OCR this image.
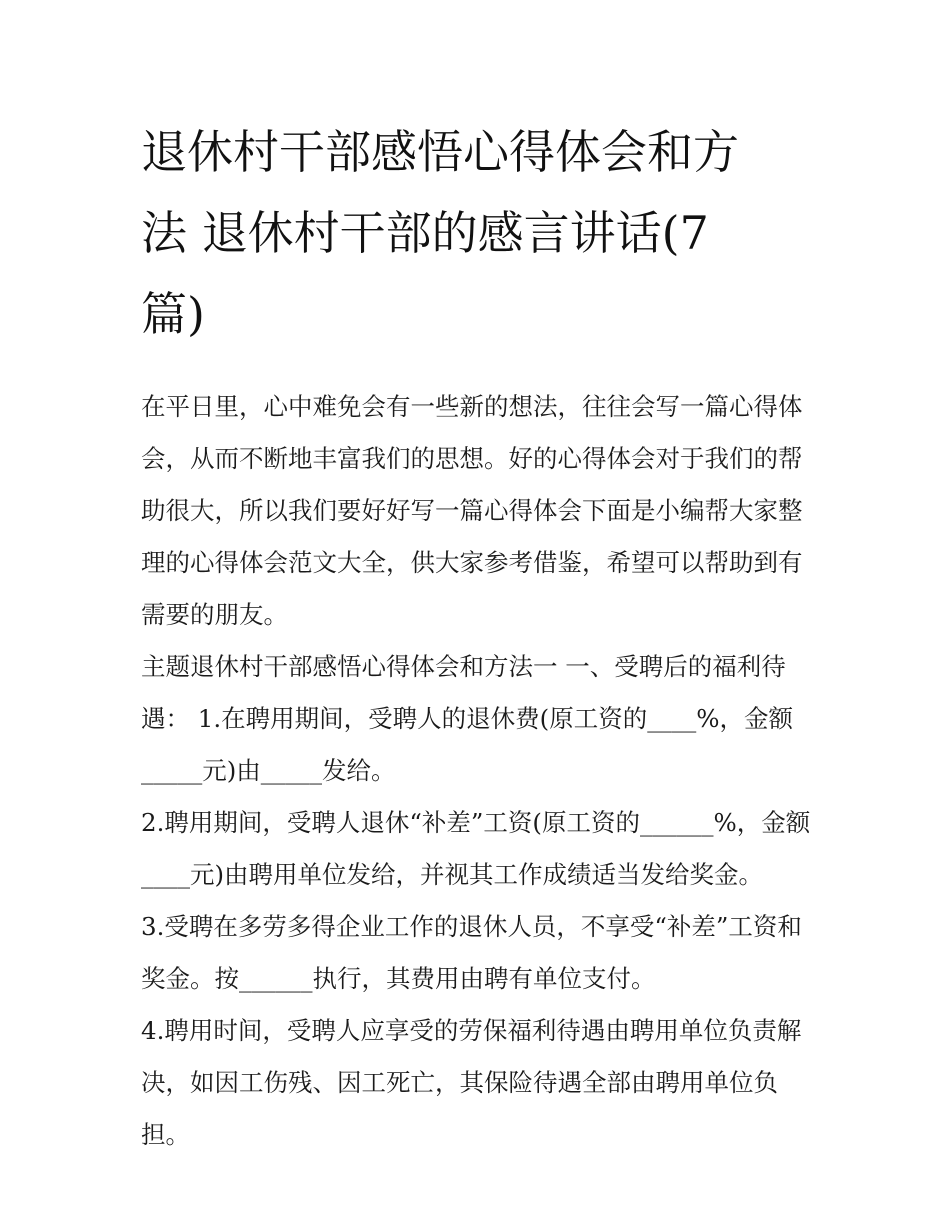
退休村干部感悟心得体会和方
法 退休村干部的感言讲话(7
篇)

在平日里，心中难免会有一些新的想法，往往会写一篇心得体
会，从而不断地丰富我们的思想。好的心得体会对于我们的帮
助很大，所以我们要好好写一篇心得体会下面是小编帮大家整
理的心得体会范文大全，供大家参考借鉴，希望可以帮助到有
需要的朋友。

主题退休村干部感悟心得体会和方法一 一、受聘后的福利待
遇： 1.在聘用期间，受聘人的退休费(原工资的____%，金额
_____元)由_____发给。

2.聘用期间，受聘人退休“补差”工资(原工资的______%，金额
____元)由聘用单位发给，并视其工作成绩适当发给奖金。

3.受聘在多劳多得企业工作的退休人员，不享受“补差”工资和
奖金。按______执行，其费用由聘有单位支付。

4.聘用时间，受聘人应享受的劳保福利待遇由聘用单位负责解
决，如因工伤残、因工死亡，其保险待遇全部由聘用单位负
担。
